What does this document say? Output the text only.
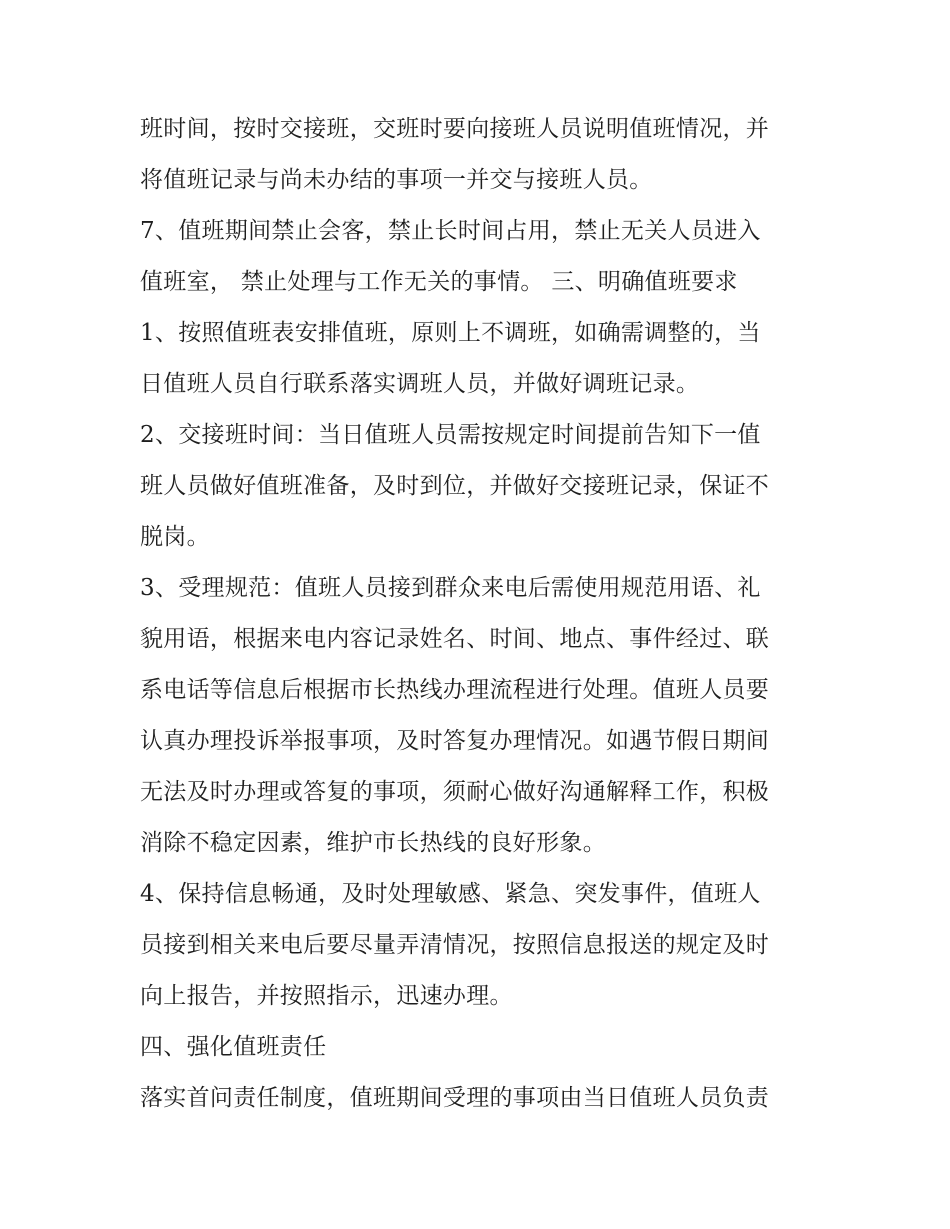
班时间，按时交接班，交班时要向接班人员说明值班情况，并
将值班记录与尚未办结的事项一并交与接班人员。
7、值班期间禁止会客，禁止长时间占用，禁止无关人员进入
值班室， 禁止处理与工作无关的事情。 三、明确值班要求
1、按照值班表安排值班，原则上不调班，如确需调整的，当
日值班人员自行联系落实调班人员，并做好调班记录。
2、交接班时间：当日值班人员需按规定时间提前告知下一值
班人员做好值班准备，及时到位，并做好交接班记录，保证不
脱岗。
3、受理规范：值班人员接到群众来电后需使用规范用语、礼
貌用语，根据来电内容记录姓名、时间、地点、事件经过、联
系电话等信息后根据市长热线办理流程进行处理。值班人员要
认真办理投诉举报事项，及时答复办理情况。如遇节假日期间
无法及时办理或答复的事项，须耐心做好沟通解释工作，积极
消除不稳定因素，维护市长热线的良好形象。
4、保持信息畅通，及时处理敏感、紧急、突发事件，值班人
员接到相关来电后要尽量弄清情况，按照信息报送的规定及时
向上报告，并按照指示，迅速办理。
四、强化值班责任
落实首问责任制度，值班期间受理的事项由当日值班人员负责
